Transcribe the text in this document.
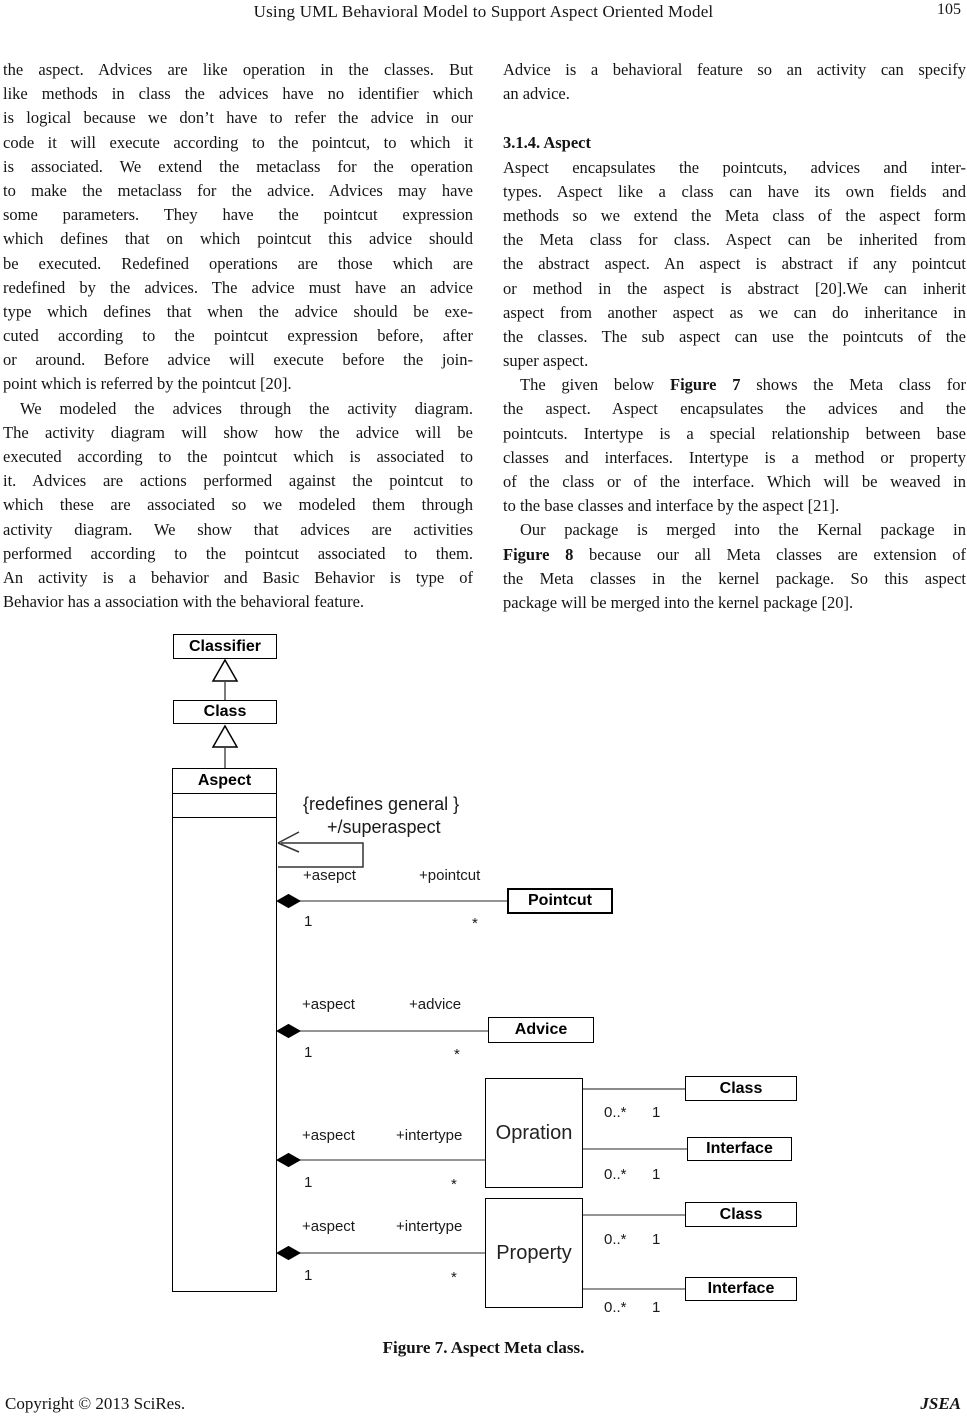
Using UML Behavioral Model to Support Aspect Oriented Model	105
the aspect. Advices are like operation in the classes. But
like methods in class the advices have no identifier which
is logical because we don’t have to refer the advice in our
code it will execute according to the pointcut, to which it
is associated. We extend the metaclass for the operation
to make the metaclass for the advice. Advices may have
some parameters. They have the pointcut expression
which defines that on which pointcut this advice should
be executed. Redefined operations are those which are
redefined by the advices. The advice must have an advice
type which defines that when the advice should be exe-
cuted according to the pointcut expression before, after
or around. Before advice will execute before the join-
point which is referred by the pointcut [20].
We modeled the advices through the activity diagram.
The activity diagram will show how the advice will be
executed according to the pointcut which is associated to
it. Advices are actions performed against the pointcut to
which these are associated so we modeled them through
activity diagram. We show that advices are activities
performed according to the pointcut associated to them.
An activity is a behavior and Basic Behavior is type of
Behavior has a association with the behavioral feature.
Advice is a behavioral feature so an activity can specify
an advice.
3.1.4. Aspect
Aspect encapsulates the pointcuts, advices and inter-
types. Aspect like a class can have its own fields and
methods so we extend the Meta class of the aspect form
the Meta class for class. Aspect can be inherited from
the abstract aspect. An aspect is abstract if any pointcut
or method in the aspect is abstract [20].We can inherit
aspect from another aspect as we can do inheritance in
the classes. The sub aspect can use the pointcuts of the
super aspect.
The given below Figure 7 shows the Meta class for
the aspect. Aspect encapsulates the advices and the
pointcuts. Intertype is a special relationship between base
classes and interfaces. Intertype is a method or property
of the class or of the interface. Which will be weaved in
to the base classes and interface by the aspect [21].
Our package is merged into the Kernal package in
Figure 8 because our all Meta classes are extension of
the Meta classes in the kernel package. So this aspect
package will be merged into the kernel package [20].
Classifier
Class
Aspect
Pointcut
Advice
Opration
Property
Class
Interface
Class
Interface
{redefines general }
+/superaspect
+asepct	+pointcut
1	*
+aspect	+advice
1	*
+aspect	+intertype
1	*
+aspect	+intertype
1	*
0..* 1
0..* 1
0..* 1
0..* 1
Figure 7. Aspect Meta class.
Copyright © 2013 SciRes.	JSEA
